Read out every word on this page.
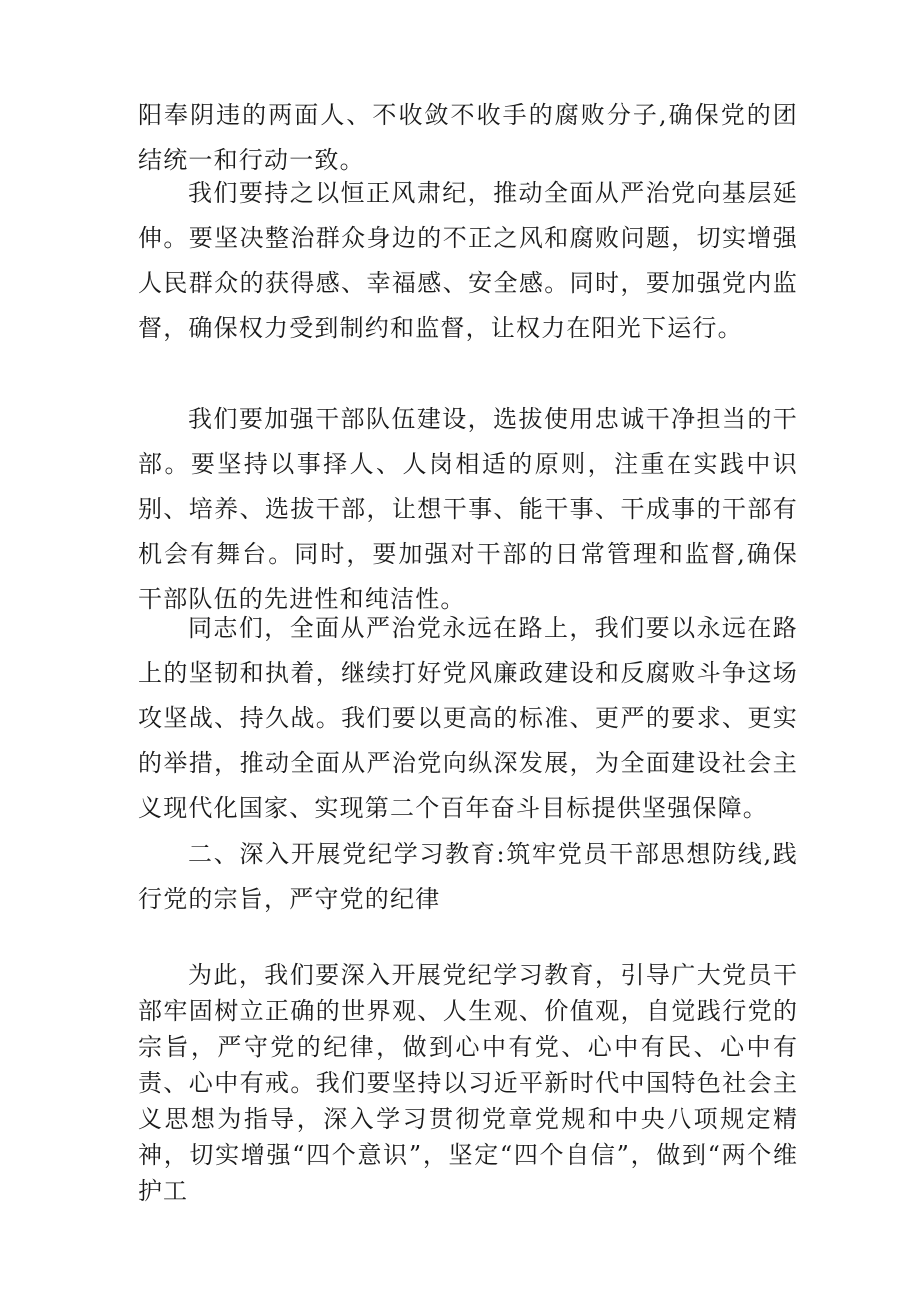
阳奉阴违的两面人、不收敛不收手的腐败分子,确保党的团结统一和行动一致。

我们要持之以恒正风肃纪，推动全面从严治党向基层延伸。要坚决整治群众身边的不正之风和腐败问题，切实增强人民群众的获得感、幸福感、安全感。同时，要加强党内监督，确保权力受到制约和监督，让权力在阳光下运行。

我们要加强干部队伍建设，选拔使用忠诚干净担当的干部。要坚持以事择人、人岗相适的原则，注重在实践中识别、培养、选拔干部，让想干事、能干事、干成事的干部有机会有舞台。同时，要加强对干部的日常管理和监督,确保干部队伍的先进性和纯洁性。

同志们，全面从严治党永远在路上，我们要以永远在路上的坚韧和执着，继续打好党风廉政建设和反腐败斗争这场攻坚战、持久战。我们要以更高的标准、更严的要求、更实的举措，推动全面从严治党向纵深发展，为全面建设社会主义现代化国家、实现第二个百年奋斗目标提供坚强保障。

二、深入开展党纪学习教育:筑牢党员干部思想防线,践行党的宗旨，严守党的纪律

为此，我们要深入开展党纪学习教育，引导广大党员干部牢固树立正确的世界观、人生观、价值观，自觉践行党的宗旨，严守党的纪律，做到心中有党、心中有民、心中有责、心中有戒。我们要坚持以习近平新时代中国特色社会主义思想为指导，深入学习贯彻党章党规和中央八项规定精神，切实增强“四个意识”，坚定“四个自信”，做到“两个维护工
